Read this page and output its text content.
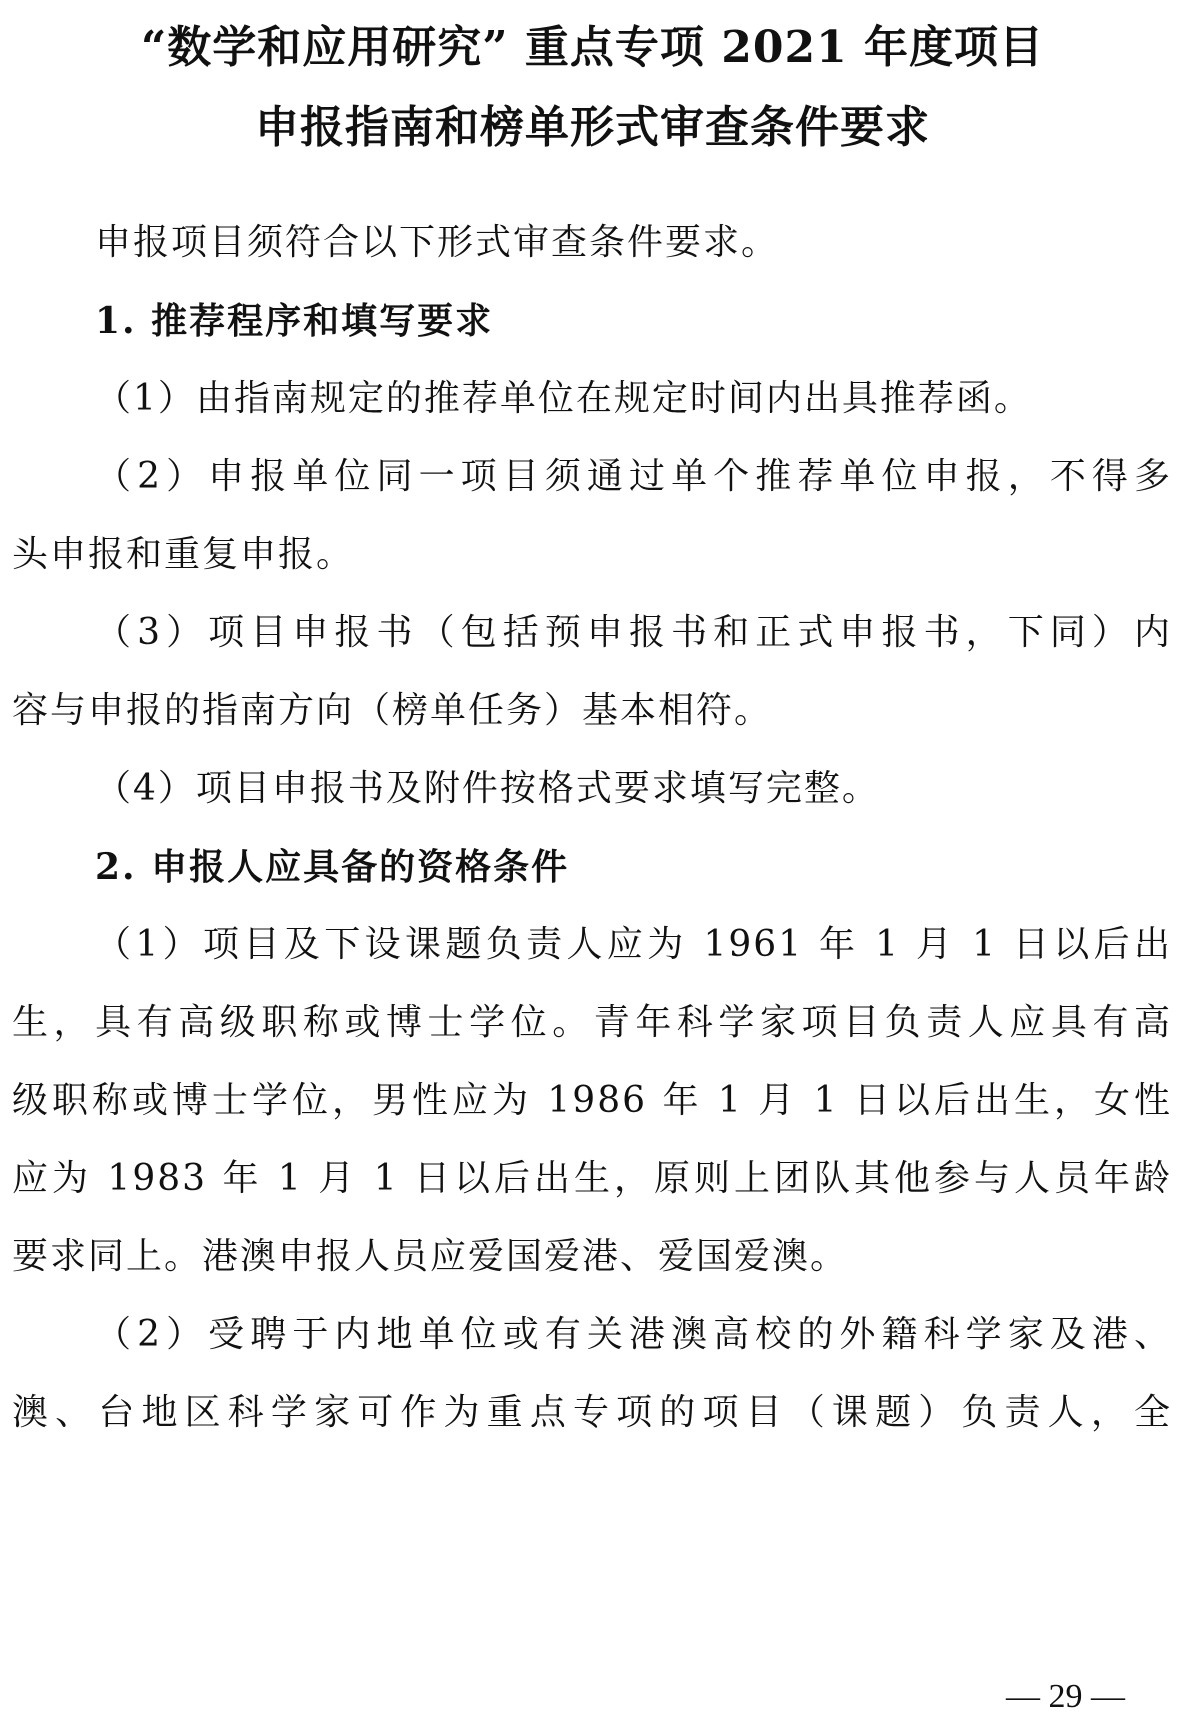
“数学和应用研究” 重点专项 2021 年度项目
申报指南和榜单形式审查条件要求

申报项目须符合以下形式审查条件要求。

1. 推荐程序和填写要求

（1）由指南规定的推荐单位在规定时间内出具推荐函。

（2）申报单位同一项目须通过单个推荐单位申报，不得多

头申报和重复申报。

（3）项目申报书（包括预申报书和正式申报书，下同）内

容与申报的指南方向（榜单任务）基本相符。

（4）项目申报书及附件按格式要求填写完整。

2. 申报人应具备的资格条件

（1）项目及下设课题负责人应为 1961 年 1 月 1 日以后出

生，具有高级职称或博士学位。青年科学家项目负责人应具有高

级职称或博士学位，男性应为 1986 年 1 月 1 日以后出生，女性

应为 1983 年 1 月 1 日以后出生，原则上团队其他参与人员年龄

要求同上。港澳申报人员应爱国爱港、爱国爱澳。

（2）受聘于内地单位或有关港澳高校的外籍科学家及港、

澳、台地区科学家可作为重点专项的项目（课题）负责人，全

— 29 —
